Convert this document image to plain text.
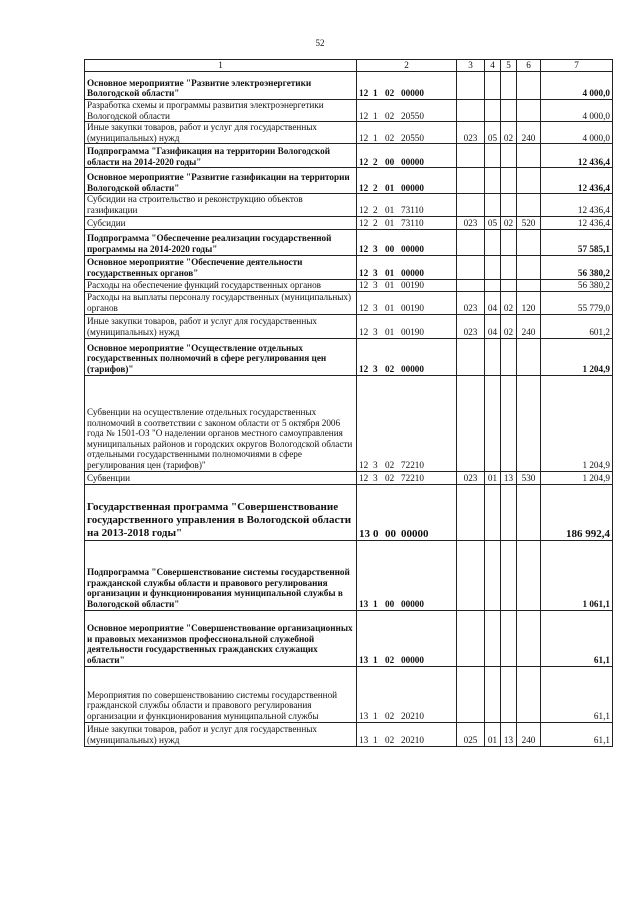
52
1	2	3	4	5	6	7
Основное мероприятие "Развитие электроэнергетики Вологодской области"	12 1 02 00000					4 000,0
Разработка схемы и программы развития электроэнергетики Вологодской области	12 1 02 20550					4 000,0
Иные закупки товаров, работ и услуг для государственных (муниципальных) нужд	12 1 02 20550	023	05	02	240	4 000,0
Подпрограмма "Газификация на территории Вологодской области на 2014-2020 годы"	12 2 00 00000					12 436,4
Основное мероприятие "Развитие газификации на территории Вологодской области"	12 2 01 00000					12 436,4
Субсидии на строительство и реконструкцию объектов газификации	12 2 01 73110					12 436,4
Субсидии	12 2 01 73110	023	05	02	520	12 436,4
Подпрограмма "Обеспечение реализации государственной программы на 2014-2020 годы"	12 3 00 00000					57 585,1
Основное мероприятие "Обеспечение деятельности государственных органов"	12 3 01 00000					56 380,2
Расходы на обеспечение функций государственных органов	12 3 01 00190					56 380,2
Расходы на выплаты персоналу государственных (муниципальных) органов	12 3 01 00190	023	04	02	120	55 779,0
Иные закупки товаров, работ и услуг для государственных (муниципальных) нужд	12 3 01 00190	023	04	02	240	601,2
Основное мероприятие "Осуществление отдельных государственных полномочий в сфере регулирования цен (тарифов)"	12 3 02 00000					1 204,9
Субвенции на осуществление отдельных государственных полномочий в соответствии с законом области от 5 октября 2006 года № 1501-ОЗ "О наделении органов местного самоуправления муниципальных районов и городских округов Вологодской области отдельными государственными полномочиями в сфере регулирования цен (тарифов)"	12 3 02 72210					1 204,9
Субвенции	12 3 02 72210	023	01	13	530	1 204,9
Государственная программа "Совершенствование государственного управления в Вологодской области на 2013-2018 годы"	13 0 00 00000					186 992,4
Подпрограмма "Совершенствование системы государственной гражданской службы области и правового регулирования организации и функционирования муниципальной службы в Вологодской области"	13 1 00 00000					1 061,1
Основное мероприятие "Совершенствование организационных и правовых механизмов профессиональной служебной деятельности государственных гражданских служащих области"	13 1 02 00000					61,1
Мероприятия по совершенствованию системы государственной гражданской службы области и правового регулирования организации и функционирования муниципальной службы	13 1 02 20210					61,1
Иные закупки товаров, работ и услуг для государственных (муниципальных) нужд	13 1 02 20210	025	01	13	240	61,1
